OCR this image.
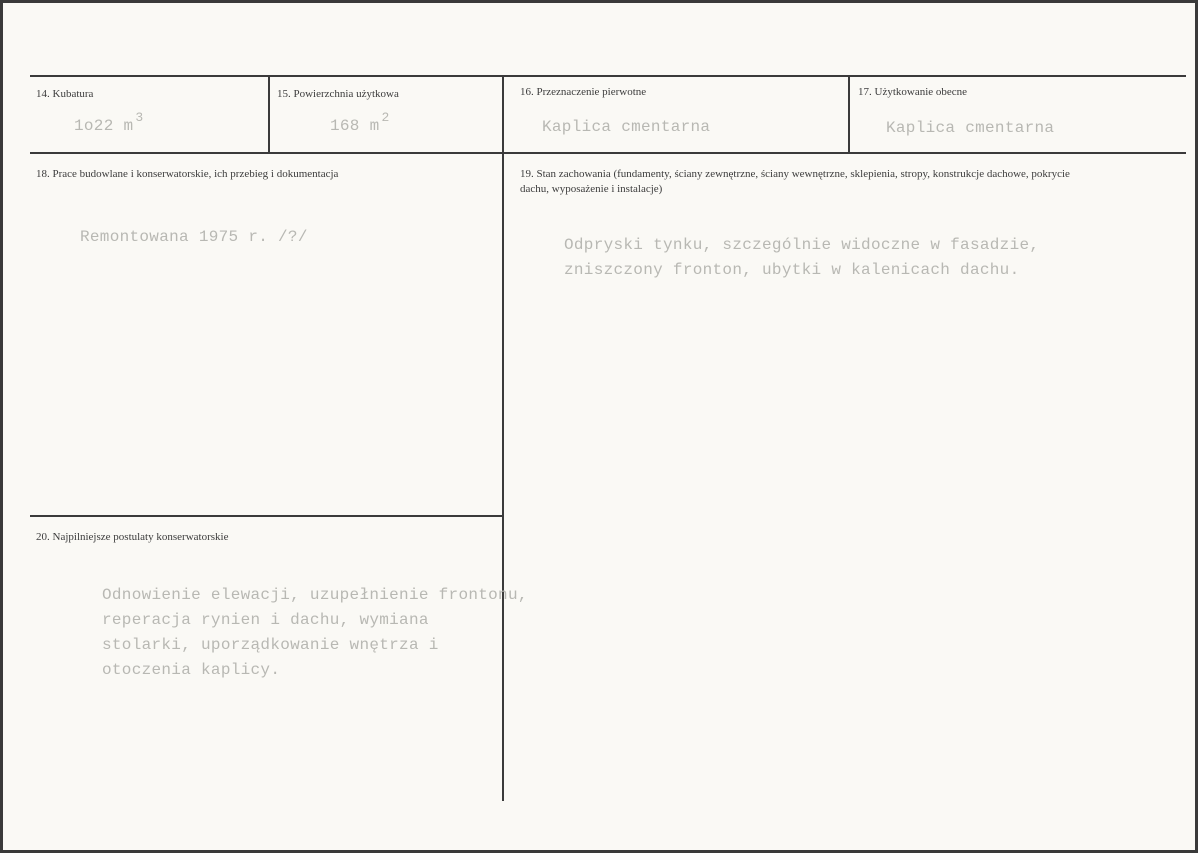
14. Kubatura
1o22 m $^3$
15. Powierzchnia użytkowa
168 m $^2$
16. Przeznaczenie pierwotne
Kaplica cmentarna
17. Użytkowanie obecne
Kaplica cmentarna
18. Prace budowlane i konserwatorskie, ich przebieg i dokumentacja
Remontowana 1975 r. /?/
19. Stan zachowania (fundamenty, ściany zewnętrzne, ściany wewnętrzne, sklepienia, stropy, konstrukcje dachowe, pokrycie dachu, wyposażenie i instalacje)
Odpryski tynku, szczególnie widoczne w fasadzie,
zniszczony fronton, ubytki w kalenicach dachu.
20. Najpilniejsze postulaty konserwatorskie
Odnowienie elewacji, uzupełnienie frontonu,
reperacja rynien i dachu, wymiana
stolarki, uporządkowanie wnętrza i
otoczenia kaplicy.
